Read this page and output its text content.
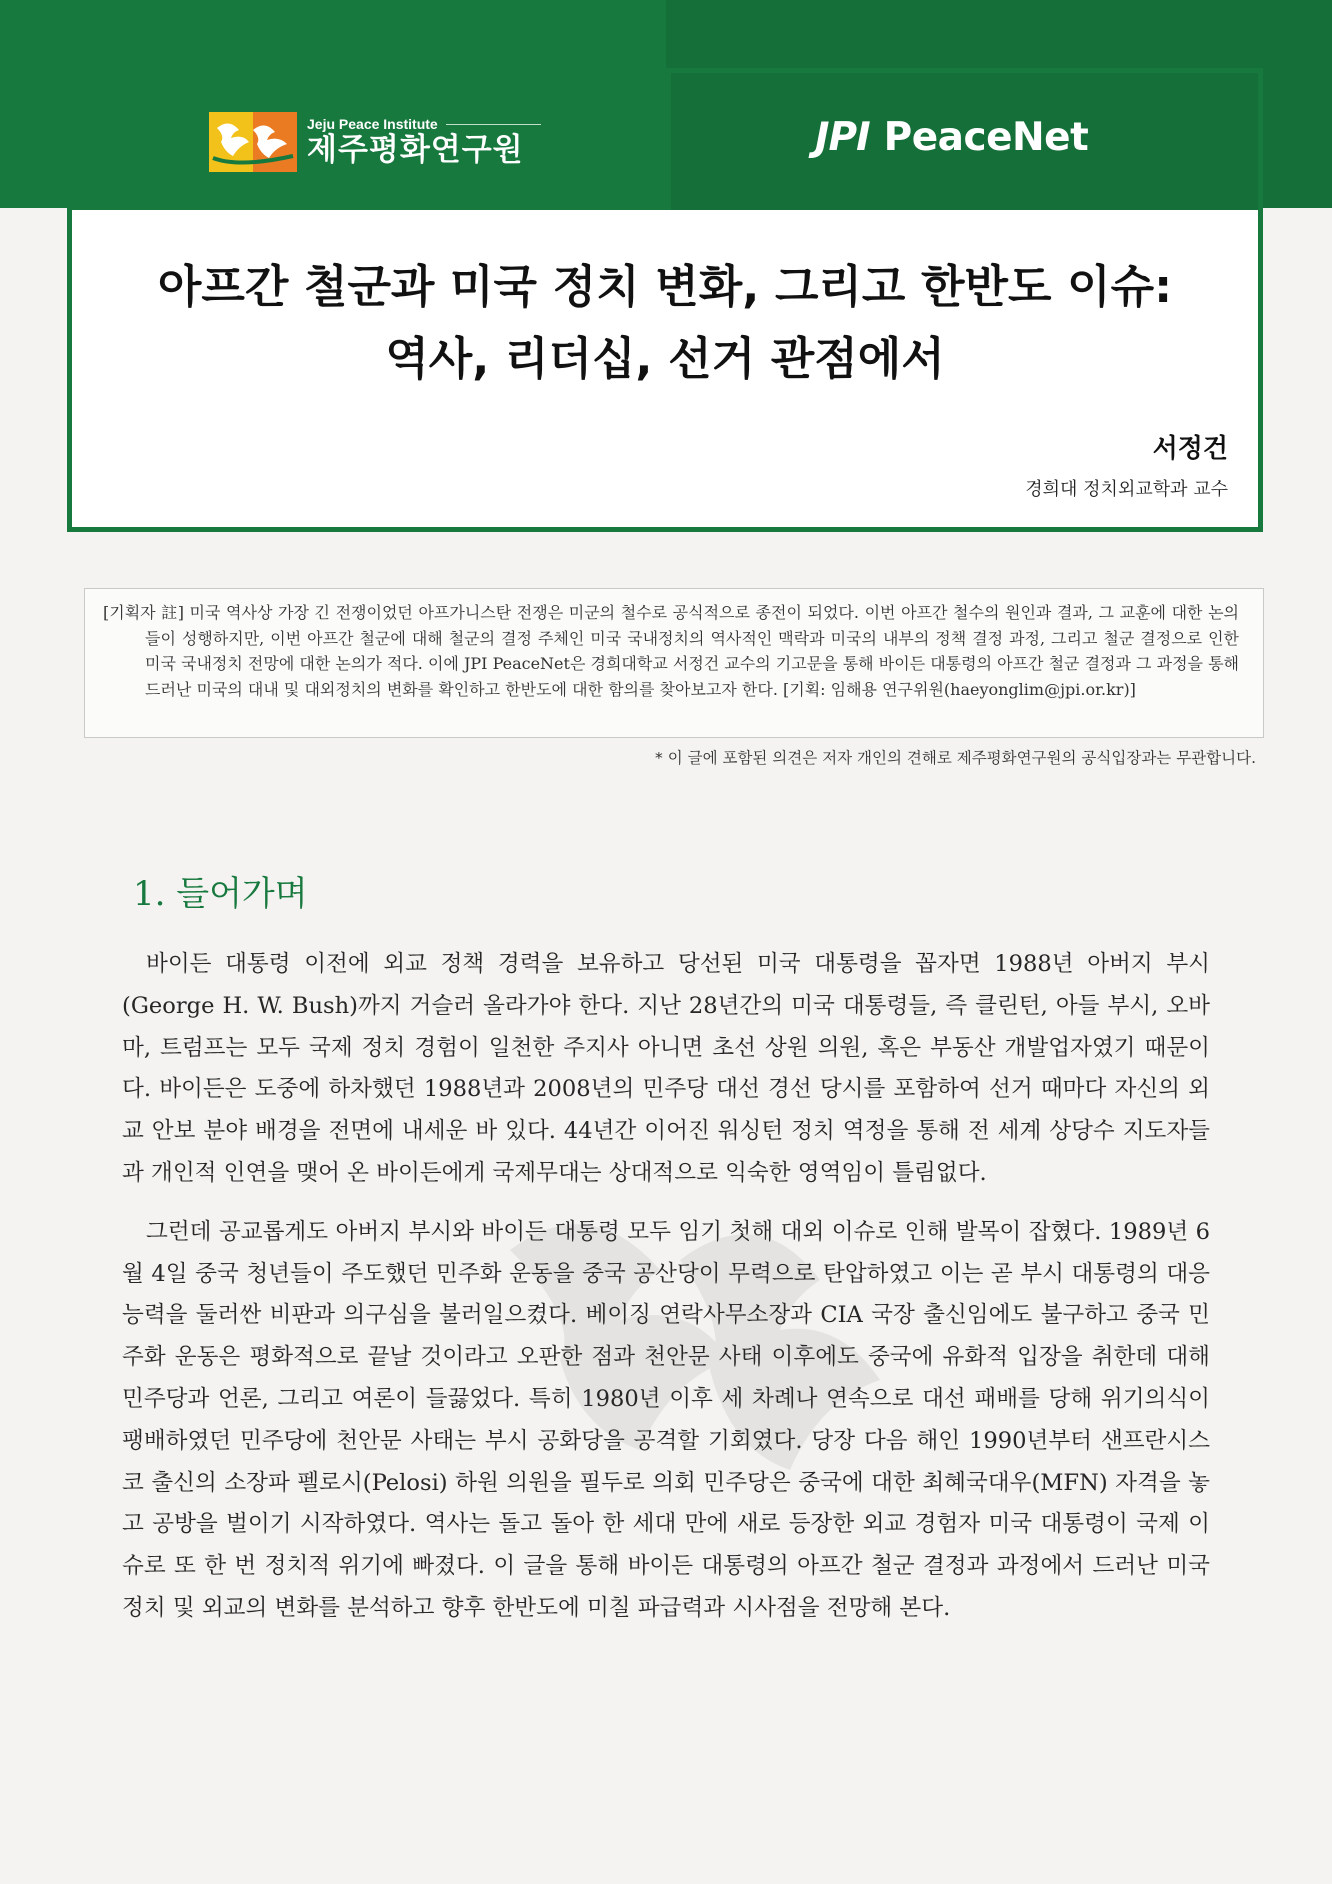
Jeju Peace Institute
제주평화연구원	JPI PeaceNet
아프간 철군과 미국 정치 변화, 그리고 한반도 이슈:
역사, 리더십, 선거 관점에서
서정건
경희대 정치외교학과 교수

[기획자 註] 미국 역사상 가장 긴 전쟁이었던 아프가니스탄 전쟁은 미군의 철수로 공식적으로 종전이 되었다. 이번 아프간 철수의 원인과 결과, 그 교훈에 대한 논의들이 성행하지만, 이번 아프간 철군에 대해 철군의 결정 주체인 미국 국내정치의 역사적인 맥락과 미국의 내부의 정책 결정 과정, 그리고 철군 결정으로 인한 미국 국내정치 전망에 대한 논의가 적다. 이에 JPI PeaceNet은 경희대학교 서정건 교수의 기고문을 통해 바이든 대통령의 아프간 철군 결정과 그 과정을 통해 드러난 미국의 대내 및 대외정치의 변화를 확인하고 한반도에 대한 함의를 찾아보고자 한다. [기획: 임해용 연구위원(haeyonglim@jpi.or.kr)]

* 이 글에 포함된 의견은 저자 개인의 견해로 제주평화연구원의 공식입장과는 무관합니다.
1. 들어가며

바이든 대통령 이전에 외교 정책 경력을 보유하고 당선된 미국 대통령을 꼽자면 1988년 아버지 부시(George H. W. Bush)까지 거슬러 올라가야 한다. 지난 28년간의 미국 대통령들, 즉 클린턴, 아들 부시, 오바마, 트럼프는 모두 국제 정치 경험이 일천한 주지사 아니면 초선 상원 의원, 혹은 부동산 개발업자였기 때문이다. 바이든은 도중에 하차했던 1988년과 2008년의 민주당 대선 경선 당시를 포함하여 선거 때마다 자신의 외교 안보 분야 배경을 전면에 내세운 바 있다. 44년간 이어진 워싱턴 정치 역정을 통해 전 세계 상당수 지도자들과 개인적 인연을 맺어 온 바이든에게 국제무대는 상대적으로 익숙한 영역임이 틀림없다.

그런데 공교롭게도 아버지 부시와 바이든 대통령 모두 임기 첫해 대외 이슈로 인해 발목이 잡혔다. 1989년 6월 4일 중국 청년들이 주도했던 민주화 운동을 중국 공산당이 무력으로 탄압하였고 이는 곧 부시 대통령의 대응 능력을 둘러싼 비판과 의구심을 불러일으켰다. 베이징 연락사무소장과 CIA 국장 출신임에도 불구하고 중국 민주화 운동은 평화적으로 끝날 것이라고 오판한 점과 천안문 사태 이후에도 중국에 유화적 입장을 취한데 대해 민주당과 언론, 그리고 여론이 들끓었다. 특히 1980년 이후 세 차례나 연속으로 대선 패배를 당해 위기의식이 팽배하였던 민주당에 천안문 사태는 부시 공화당을 공격할 기회였다. 당장 다음 해인 1990년부터 샌프란시스코 출신의 소장파 펠로시(Pelosi) 하원 의원을 필두로 의회 민주당은 중국에 대한 최혜국대우(MFN) 자격을 놓고 공방을 벌이기 시작하였다. 역사는 돌고 돌아 한 세대 만에 새로 등장한 외교 경험자 미국 대통령이 국제 이슈로 또 한 번 정치적 위기에 빠졌다. 이 글을 통해 바이든 대통령의 아프간 철군 결정과 과정에서 드러난 미국 정치 및 외교의 변화를 분석하고 향후 한반도에 미칠 파급력과 시사점을 전망해 본다.
